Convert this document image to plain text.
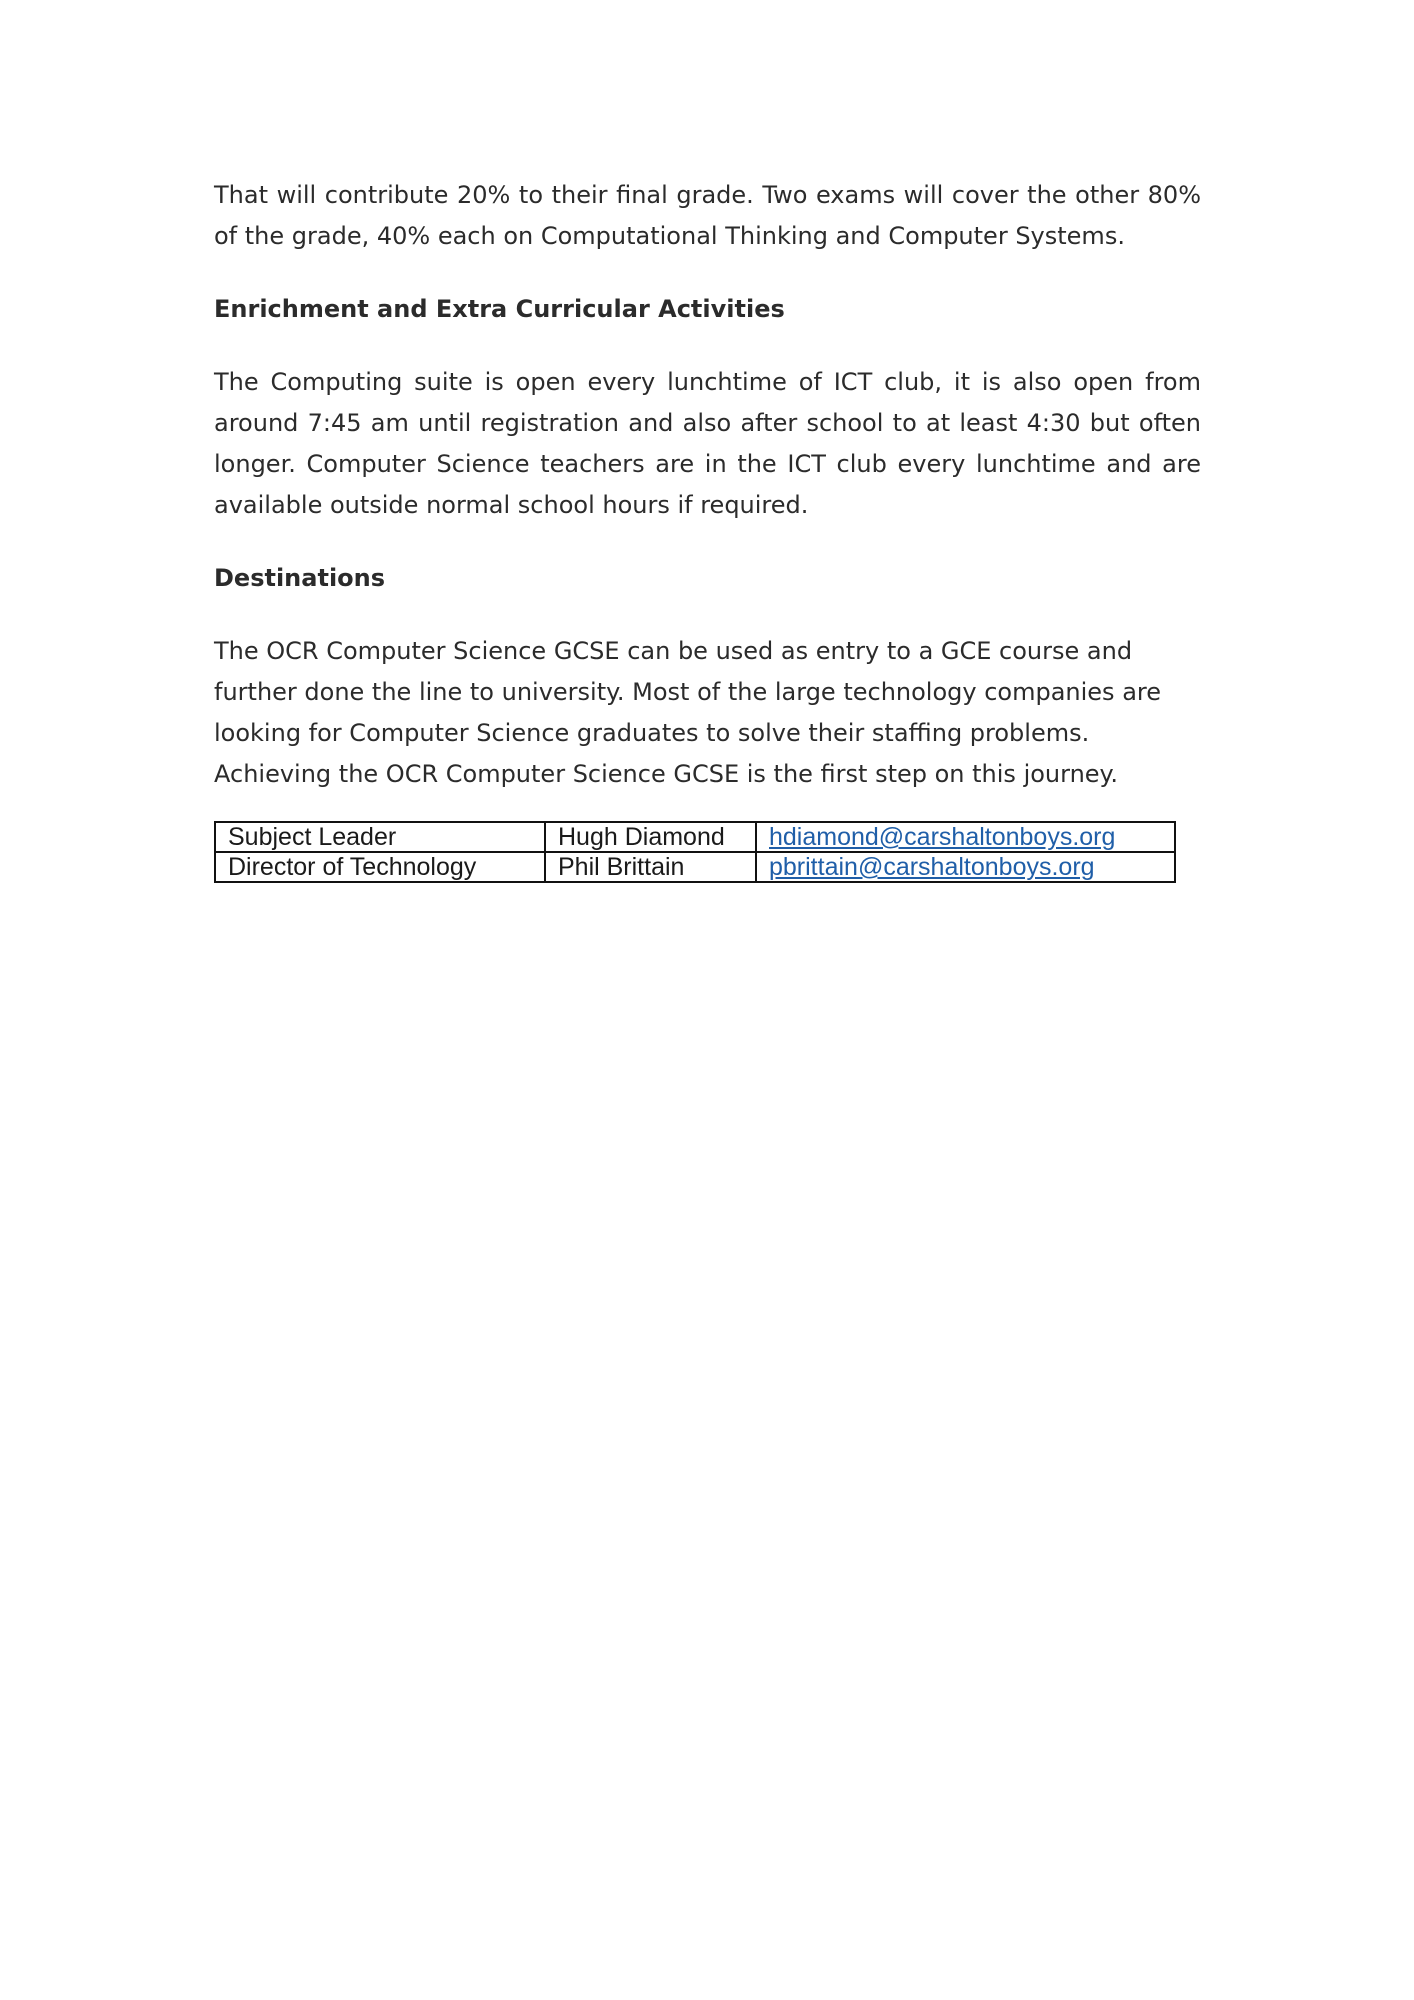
That will contribute 20% to their final grade. Two exams will cover the other 80% of the grade, 40% each on Computational Thinking and Computer Systems.

Enrichment and Extra Curricular Activities

The Computing suite is open every lunchtime of ICT club, it is also open from around 7:45 am until registration and also after school to at least 4:30 but often longer. Computer Science teachers are in the ICT club every lunchtime and are available outside normal school hours if required.

Destinations

The OCR Computer Science GCSE can be used as entry to a GCE course and further done the line to university. Most of the large technology companies are looking for Computer Science graduates to solve their staffing problems. Achieving the OCR Computer Science GCSE is the first step on this journey.

Subject Leader	Hugh Diamond	hdiamond@carshaltonboys.org
Director of Technology	Phil Brittain	pbrittain@carshaltonboys.org
